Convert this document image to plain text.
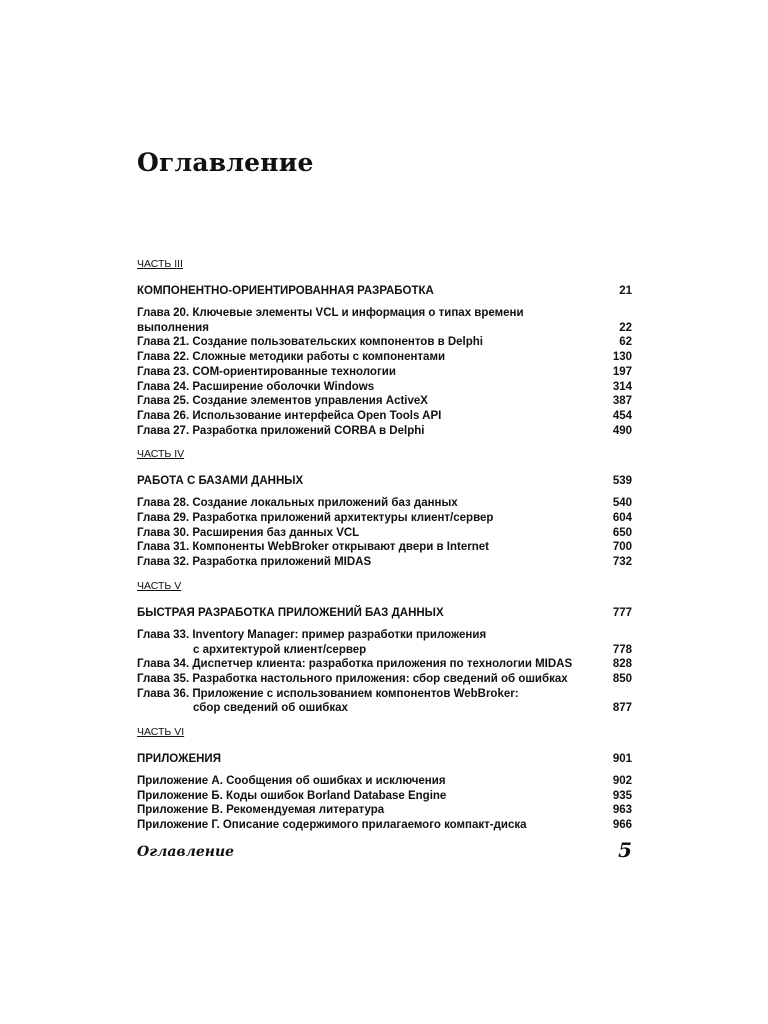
Оглавление
ЧАСТЬ III
КОМПОНЕНТНО-ОРИЕНТИРОВАННАЯ РАЗРАБОТКА	21
Глава 20. Ключевые элементы VCL и информация о типах времени выполнения	22
Глава 21. Создание пользовательских компонентов в Delphi	62
Глава 22. Сложные методики работы с компонентами	130
Глава 23. COM-ориентированные технологии	197
Глава 24. Расширение оболочки Windows	314
Глава 25. Создание элементов управления ActiveX	387
Глава 26. Использование интерфейса Open Tools API	454
Глава 27. Разработка приложений CORBA в Delphi	490
ЧАСТЬ IV
РАБОТА С БАЗАМИ ДАННЫХ	539
Глава 28. Создание локальных приложений баз данных	540
Глава 29. Разработка приложений архитектуры клиент/сервер	604
Глава 30. Расширения баз данных VCL	650
Глава 31. Компоненты WebBroker открывают двери в Internet	700
Глава 32. Разработка приложений MIDAS	732
ЧАСТЬ V
БЫСТРАЯ РАЗРАБОТКА ПРИЛОЖЕНИЙ БАЗ ДАННЫХ	777
Глава 33. Inventory Manager: пример разработки приложения
с архитектурой клиент/сервер	778
Глава 34. Диспетчер клиента: разработка приложения по технологии MIDAS	828
Глава 35. Разработка настольного приложения: сбор сведений об ошибках	850
Глава 36. Приложение с использованием компонентов WebBroker:
сбор сведений об ошибках	877
ЧАСТЬ VI
ПРИЛОЖЕНИЯ	901
Приложение А. Сообщения об ошибках и исключения	902
Приложение Б. Коды ошибок Borland Database Engine	935
Приложение В. Рекомендуемая литература	963
Приложение Г. Описание содержимого прилагаемого компакт-диска	966
Оглавление	5
